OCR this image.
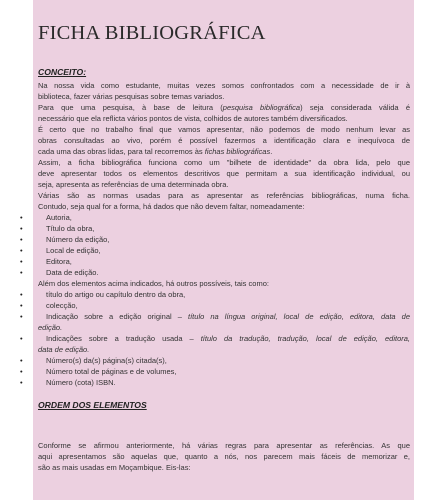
FICHA BIBLIOGRÁFICA
CONCEITO:
Na nossa vida como estudante, muitas vezes somos confrontados com a necessidade de ir à
biblioteca, fazer várias pesquisas sobre temas variados.
Para que uma pesquisa, à base de leitura (pesquisa bibliográfica) seja considerada válida é
necessário que ela reflicta vários pontos de vista, colhidos de autores também diversificados.
É certo que no trabalho final que vamos apresentar, não podemos de modo nenhum levar as
obras consultadas ao vivo, porém é possível fazermos a identificação clara e inequívoca de
cada uma das obras lidas, para tal recorremos às fichas bibliográficas.
Assim, a ficha bibliográfica funciona como um "bilhete de identidade" da obra lida, pelo que
deve apresentar todos os elementos descritivos que permitam a sua identificação individual, ou
seja, apresenta as referências de uma determinada obra.
Várias são as normas usadas para as apresentar as referências bibliográficas, numa ficha.
Contudo, seja qual for a forma, há dados que não devem faltar, nomeadamente:
•	Autoria,
•	Título da obra,
•	Número da edição,
•	Local de edição,
•	Editora,
•	Data de edição.
Além dos elementos acima indicados, há outros possíveis, tais como:
•	título do artigo ou capítulo dentro da obra,
•	colecção,
•	Indicação sobre a edição original – título na língua original, local de edição, editora, data de
edição.
•	Indicações sobre a tradução usada – título da tradução, tradução, local de edição, editora,
data de edição.
•	Número(s) da(s) página(s) citada(s),
•	Número total de páginas e de volumes,
•	Número (cota) ISBN.
ORDEM DOS ELEMENTOS
Conforme se afirmou anteriormente, há várias regras para apresentar as referências. As que
aqui apresentamos são aquelas que, quanto a nós, nos parecem mais fáceis de memorizar e,
são as mais usadas em Moçambique. Eis-las:
